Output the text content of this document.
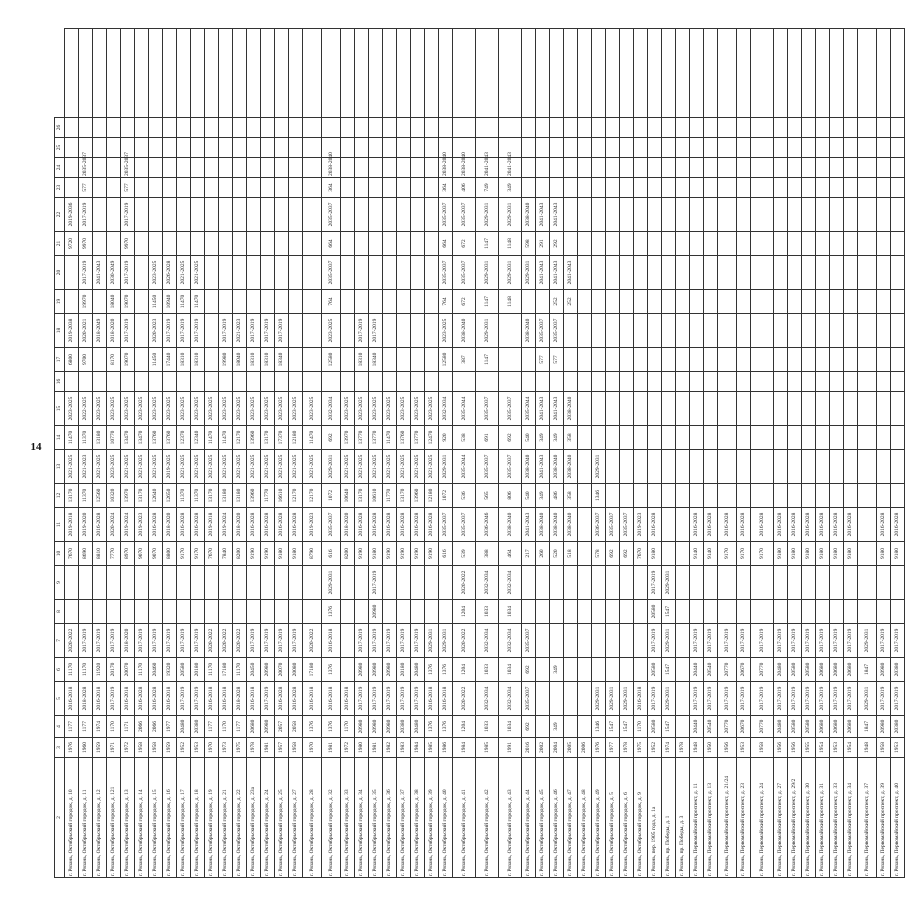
14
2	3	4	5	6	7	8	9	10	11	12	13	14	15	16	17	18	19	20	21	22	23	24	25	26	
г. Рязань, Октябрьский городок, д. 10	1976	1177	2016-2018	11170	2020-2022			7670	2019-2018	13170	2021-2025	11470	2023-2025		6800	2019-2038			9720	2019-2036					
г. Рязань, Октябрьский городок, д. 11	1960	1177	2018-2028	11170	2017-2019			8690	2019-2020	11370	2021-2023	11370	2022-2025		9700	2020-2021	19970	2017-2019	9970	2017-2019	577	2035-2037			
г. Рязань, Октябрьский городок, д. 12	1959	1974	2016-2018	11920	2017-2019			8810	2016-2028	12560	2021-2025	13180	2023-2025			2018-2049		2041-2043							
г. Рязань, Октябрьский городок, д. 121	1971	1170	2017-2019	20170	2017-2019			7770	2020-2024	10320	2023-2025	10770	2023-2025		8170	2018-2020	18040	2030-2049							
г. Рязань, Октябрьский городок, д. 13	1972	1171	2016-2018	20070	2018-2020			8970	2019-2024	13970	2021-2025	13470	2023-2025		19070	2017-2019	19070	2017-2019	9970	2017-2019	577	2035-2037			
г. Рязань, Октябрьский городок, д. 14	1958	2066	2016-2028	11170	2017-2019			9070	2019-2023	13170	2021-2025	13470	2023-2025												
г. Рязань, Октябрьский городок, д. 15	1958	2066	2016-2028	20460	2017-2019			9070	2016-2028	12640	2021-2025	13760	2023-2025		11450	2020-2023	11450	2023-2025							
г. Рязань, Октябрьский городок, д. 16	1959	1977	2016-2018	19320	2017-2019			8800	2018-2020	12650	2019-2025	13760	2023-2025		17440	2017-2019	10940	2026-2028							
г. Рязань, Октябрьский городок, д. 17	1952	20480	2017-2019	20580	2017-2019			9170	2016-2028	11370	2021-2025	12370	2023-2025		18310	2017-2019	11470	2021-2025							
г. Рязань, Октябрьский городок, д. 18	1953	20380	2017-2019	20180	2017-2019			9170	2016-2028	11370	2021-2025	12340	2023-2025		18310	2017-2019	11470	2021-2025							
г. Рязань, Октябрьский городок, д. 19	1970	1177	2016-2018	11170	2020-2022			7670	2019-2018	13170	2021-2025	11470	2023-2025												
г. Рязань, Октябрьский городок, д. 21	1973	1170	2016-2018	17180	2020-2022			7840	2019-2024	13180	2021-2025	11470	2023-2025		19980	2017-2019									
г. Рязань, Октябрьский городок, д. 22	1975	1177	2018-2028	11170	2020-2022			8200	2018-2020	13180	2021-2025	12170	2023-2025		18040	2021-2023									
г. Рязань, Октябрьский городок, д. 23а	1978	20680	2016-2018	20450	2017-2019			9190	2016-2028	13960	2021-2025	13960	2023-2025		18310	2017-2019									
г. Рязань, Октябрьский городок, д. 24	1981	20980	2017-2019	20980	2017-2019			9190	2016-2028	11770	2021-2025	13170	2023-2025		18310	2017-2019									
г. Рязань, Октябрьский городок, д. 25	1957	2057	2016-2028	20070	2017-2019			9180	2016-2028	16610	2021-2025	17370	2023-2025		18340	2017-2019									
г. Рязань, Октябрьский городок, д. 27	1958	2058	2016-2028	20080	2017-2019			9180	2016-2028	12170	2021-2025	12180	2023-2025												
г. Рязань, Октябрьский городок, д. 28	1970	1376	2016-2018	17180	2020-2022			8790	2019-2023	12170	2021-2025	11470	2023-2025												
г. Рязань, Октябрьский городок, д. 32	1981	1376	2016-2018	1376	2016-2018	1376	2029-2031	616	2035-2037	1072	2029-2031	692	2032-2034		12580	2023-2025	764	2035-2037	664	2035-2037	364	2038-2040			
г. Рязань, Октябрьский городок, д. 33	1972	1170	2016-2018					8200	2018-2020	10640	2021-2025	13970	2023-2025												
г. Рязань, Октябрьский городок, д. 34	1980	20980	2017-2019	20980	2017-2019			9190	2016-2028	13170	2021-2025	13770	2023-2025		18310	2017-2019									
г. Рязань, Октябрьский городок, д. 35	1981	20980	2017-2019	20980	2017-2019	20980	2017-2019	9180	2016-2028	10610	2021-2025	13770	2023-2025		18340	2017-2019									
г. Рязань, Октябрьский городок, д. 36	1982	20980	2017-2019	20980	2017-2019			9190	2016-2028	11770	2021-2025	11470	2023-2025												
г. Рязань, Октябрьский городок, д. 37	1983	20380	2017-2019	20180	2017-2019			9190	2016-2028	13170	2021-2025	13760	2023-2025												
г. Рязань, Октябрьский городок, д. 38	1984	20480	2017-2019	20480	2017-2019			9190	2016-2028	13960	2021-2025	13770	2023-2025												
г. Рязань, Октябрьский городок, д. 39	1985	1376	2016-2018	1376	2029-2031			9190	2016-2028	12180	2021-2025	12470	2023-2025												
г. Рязань, Октябрьский городок, д. 40	1986	1376	2016-2018	1376	2029-2031			616	2035-2037	1072	2029-2031	920	2032-2034		12580	2023-2025	764	2035-2037	664	2035-2037	364	2038-2040			
г. Рязань, Октябрьский городок, д. 41	1984	1204	2020-2022	1204	2020-2022	1204	2020-2022	539	2035-2037	536	2035-2044	538	2035-2044		387	2038-2040	672	2035-2037	672	2035-2037	406	2038-2040			
г. Рязань, Октябрьский городок, д. 42	1985	1033	2032-2034	1033	2032-2034	1033	2032-2034	388	2036-2046	565	2035-2037	691	2035-2037		1147	2029-2031	1147	2029-2031	1147	2029-2031	749	2041-2043			
г. Рязань, Октябрьский городок, д. 43	1991	1034	2032-2034	1034	2032-2034	1034	2032-2034	464	2038-2040	806	2035-2037	692	2035-2037				1148	2029-2031	1148	2029-2031	349	2041-2043			
г. Рязань, Октябрьский городок, д. 44	2016	692	2035-2037	692	2035-2037			217	2041-2043	540	2038-2040	540	2035-2044			2038-2040		2029-2031	598	2038-2040					
г. Рязань, Октябрьский городок, д. 45	2002							260	2038-2040	349	2041-2043	349	2041-2043		577	2035-2037		2041-2043	291	2041-2043					
г. Рязань, Октябрьский городок, д. 46	2004	349		349				520	2038-2040	486	2038-2040	349	2041-2043		577	2035-2037	252	2041-2043	292	2041-2043					
г. Рязань, Октябрьский городок, д. 47	2005							518	2038-2040	358	2038-2040	358	2038-2040				252	2041-2043							
г. Рязань, Октябрьский городок, д. 48	2006																								
г. Рязань, Октябрьский городок, д. 49	1976	1346	2029-2031					578	2036-2037	1346	2029-2031														
г. Рязань, Октябрьский городок, д. 5	1977	1547	2029-2031					692	2035-2037																
г. Рязань, Октябрьский городок, д. 6	1978	1547	2029-2031					692	2035-2037																
г. Рязань, Октябрьский городок, д. 9	1975	1170	2016-2018					7670	2019-2023																
г. Рязань, пер. 1905 года, д. 1а	1952	20580	2017-2019	20580	2017-2019	20580	2017-2019	9180	2016-2028																
г. Рязань, пр. Победы, д. 1	1974	1547	2029-2031	1547	2029-2031	1547	2029-2031																		
г. Рязань, пр. Победы, д. 3	1978																								
г. Рязань, Первомайский проспект, д. 11	1948	20440	2017-2019	20440	2017-2019			9140	2016-2028																
г. Рязань, Первомайский проспект, д. 13	1950	20540	2017-2019	20540	2017-2019			9140	2016-2028																
г. Рязань, Первомайский проспект, д. 21/24	1956	20770	2017-2019	20770	2017-2019			9170	2016-2028																
г. Рязань, Первомайский проспект, д. 23	1953	20670	2017-2019	20670	2017-2019			9170	2016-2028																
г. Рязань, Первомайский проспект, д. 24	1958	20770	2017-2019	20770	2017-2019			9170	2016-2028																
г. Рязань, Первомайский проспект, д. 27	1956	20480	2017-2019	20480	2017-2019			9180	2016-2028																
г. Рязань, Первомайский проспект, д. 29/2	1956	20580	2017-2019	20580	2017-2019			9180	2016-2028																
г. Рязань, Первомайский проспект, д. 30	1955	20580	2017-2019	20580	2017-2019			9180	2016-2028																
г. Рязань, Первомайский проспект, д. 31	1954	20680	2017-2019	20680	2017-2019			9180	2016-2028																
г. Рязань, Первомайский проспект, д. 33	1953	20680	2017-2019	20680	2017-2019			9180	2016-2028																
г. Рязань, Первомайский проспект, д. 34	1954	20680	2017-2019	20680	2017-2019			9180	2016-2028																
г. Рязань, Первомайский проспект, д. 37	1948	1847	2029-2031	1847	2029-2031																				
г. Рязань, Первомайский проспект, д. 39	1958	20980	2017-2019	20980	2017-2019			9180	2016-2028																
г. Рязань, Первомайский проспект, д. 40	1953	20380	2017-2019	20380	2017-2019			9180	2016-2028																
